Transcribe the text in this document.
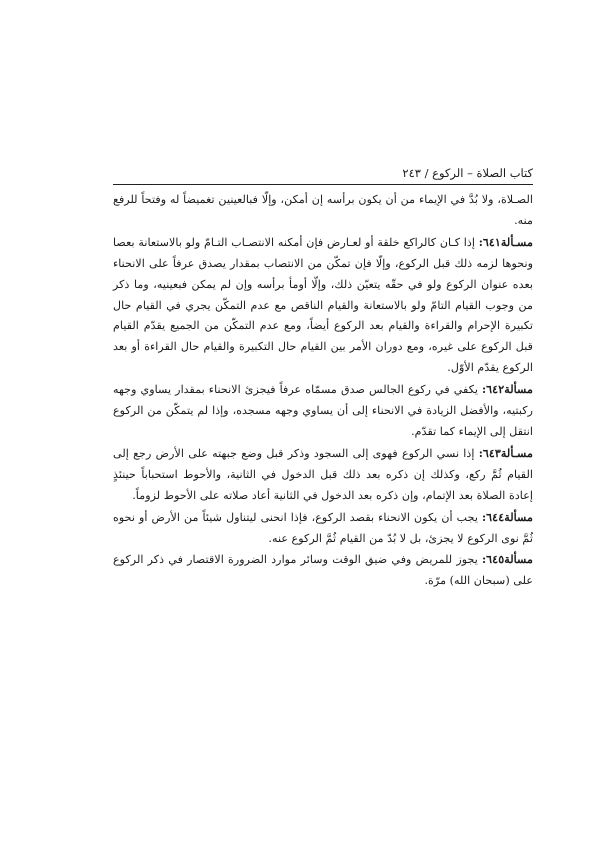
كتاب الصلاة – الركوع / ٢٤٣

الصـلاة، ولا بُدَّ في الإيماء من أن يكون برأسه إن أمكن، وإلّا فبالعينين تغميضاً له وفتحاً للرفع منه.

مسـألة٦٤١: إذا كـان كالراكع خلقة أو لعـارض فإن أمكنه الانتصـاب التـامّ ولو بالاستعانة بعصا ونحوها لزمه ذلك قبل الركوع، وإلّا فإن تمكّن من الانتصاب بمقدار يصدق عرفاً على الانحناء بعده عنوان الركوع ولو في حقّه يتعيّن ذلك، وإلّا أومأ برأسه وإن لم يمكن فبعينيه، وما ذكر من وجوب القيام التامّ ولو بالاستعانة والقيام الناقص مع عدم التمكّن يجري في القيام حال تكبيرة الإحرام والقراءة والقيام بعد الركوع أيضاً، ومع عدم التمكّن من الجميع يقدّم القيام قبل الركوع على غيره، ومع دوران الأمر بين القيام حال التكبيرة والقيام حال القراءة أو بعد الركوع يقدّم الأوّل.

مسألة٦٤٢: يكفي في ركوع الجالس صدق مسمّاه عرفاً فيجزئ الانحناء بمقدار يساوي وجهه ركبتيه، والأفضل الزيادة في الانحناء إلى أن يساوي وجهه مسجده، وإذا لم يتمكّن من الركوع انتقل إلى الإيماء كما تقدّم.

مسـألة٦٤٣: إذا نسي الركوع فهوى إلى السجود وذكر قبل وضع جبهته على الأرض رجع إلى القيام ثُمَّ ركع، وكذلك إن ذكره بعد ذلك قبل الدخول في الثانية، والأحوط استحباباً حينئذٍ إعادة الصلاة بعد الإتمام، وإن ذكره بعد الدخول في الثانية أعاد صلاته على الأحوط لزوماً.

مسألة٦٤٤: يجب أن يكون الانحناء بقصد الركوع، فإذا انحنى ليتناول شيئاً من الأرض أو نحوه ثُمَّ نوى الركوع لا يجزئ، بل لا بُدّ من القيام ثُمَّ الركوع عنه.

مسألة٦٤٥: يجوز للمريض وفي ضيق الوقت وسائر موارد الضرورة الاقتصار في ذكر الركوع على (سبحان الله) مرّة.
